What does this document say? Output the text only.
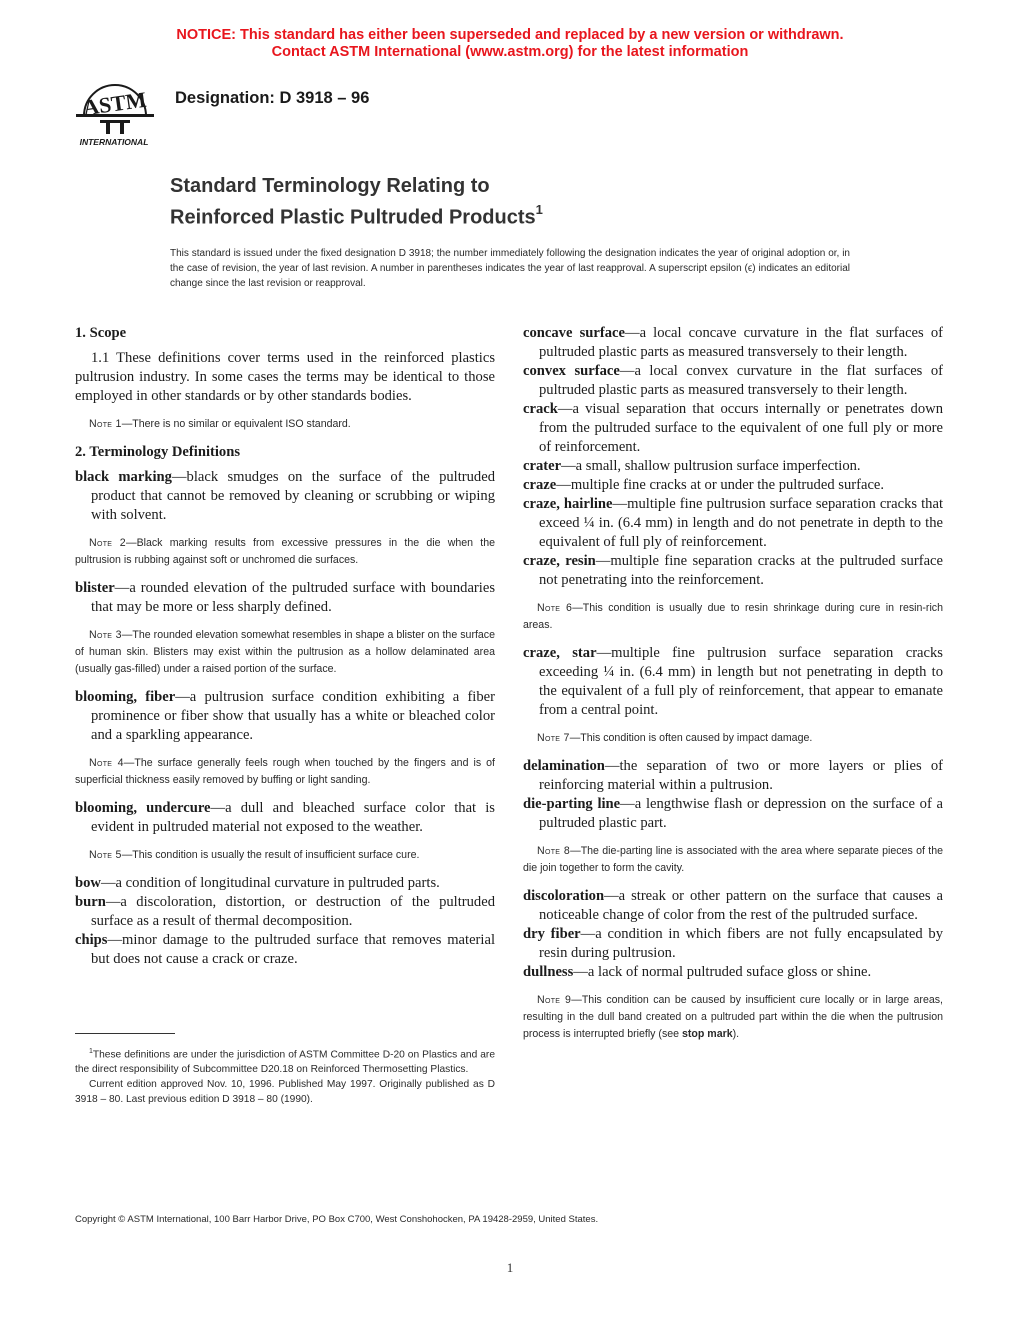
NOTICE: This standard has either been superseded and replaced by a new version or withdrawn.
Contact ASTM International (www.astm.org) for the latest information
ASTM
INTERNATIONAL
Designation: D 3918 – 96
Standard Terminology Relating to
Reinforced Plastic Pultruded Products$^1$
This standard is issued under the fixed designation D 3918; the number immediately following the designation indicates the year of original adoption or, in the case of revision, the year of last revision. A number in parentheses indicates the year of last reapproval. A superscript epsilon (ϵ) indicates an editorial change since the last revision or reapproval.
1. Scope

1.1 These definitions cover terms used in the reinforced plastics pultrusion industry. In some cases the terms may be identical to those employed in other standards or by other standards bodies.

Note 1—There is no similar or equivalent ISO standard.

2. Terminology Definitions

black marking—black smudges on the surface of the pultruded product that cannot be removed by cleaning or scrubbing or wiping with solvent.

Note 2—Black marking results from excessive pressures in the die when the pultrusion is rubbing against soft or unchromed die surfaces.

blister—a rounded elevation of the pultruded surface with boundaries that may be more or less sharply defined.

Note 3—The rounded elevation somewhat resembles in shape a blister on the surface of human skin. Blisters may exist within the pultrusion as a hollow delaminated area (usually gas-filled) under a raised portion of the surface.

blooming, fiber—a pultrusion surface condition exhibiting a fiber prominence or fiber show that usually has a white or bleached color and a sparkling appearance.

Note 4—The surface generally feels rough when touched by the fingers and is of superficial thickness easily removed by buffing or light sanding.

blooming, undercure—a dull and bleached surface color that is evident in pultruded material not exposed to the weather.

Note 5—This condition is usually the result of insufficient surface cure.

bow—a condition of longitudinal curvature in pultruded parts.

burn—a discoloration, distortion, or destruction of the pultruded surface as a result of thermal decomposition.

chips—minor damage to the pultruded surface that removes material but does not cause a crack or craze.

concave surface—a local concave curvature in the flat surfaces of pultruded plastic parts as measured transversely to their length.

convex surface—a local convex curvature in the flat surfaces of pultruded plastic parts as measured transversely to their length.

crack—a visual separation that occurs internally or penetrates down from the pultruded surface to the equivalent of one full ply or more of reinforcement.

crater—a small, shallow pultrusion surface imperfection.

craze—multiple fine cracks at or under the pultruded surface.

craze, hairline—multiple fine pultrusion surface separation cracks that exceed ¼ in. (6.4 mm) in length and do not penetrate in depth to the equivalent of full ply of reinforcement.

craze, resin—multiple fine separation cracks at the pultruded surface not penetrating into the reinforcement.

Note 6—This condition is usually due to resin shrinkage during cure in resin-rich areas.

craze, star—multiple fine pultrusion surface separation cracks exceeding ¼ in. (6.4 mm) in length but not penetrating in depth to the equivalent of a full ply of reinforcement, that appear to emanate from a central point.

Note 7—This condition is often caused by impact damage.

delamination—the separation of two or more layers or plies of reinforcing material within a pultrusion.

die-parting line—a lengthwise flash or depression on the surface of a pultruded plastic part.

Note 8—The die-parting line is associated with the area where separate pieces of the die join together to form the cavity.

discoloration—a streak or other pattern on the surface that causes a noticeable change of color from the rest of the pultruded surface.

dry fiber—a condition in which fibers are not fully encapsulated by resin during pultrusion.

dullness—a lack of normal pultruded suface gloss or shine.

Note 9—This condition can be caused by insufficient cure locally or in large areas, resulting in the dull band created on a pultruded part within the die when the pultrusion process is interrupted briefly (see stop mark).

$^1$These definitions are under the jurisdiction of ASTM Committee D-20 on Plastics and are the direct responsibility of Subcommittee D20.18 on Reinforced Thermosetting Plastics.

Current edition approved Nov. 10, 1996. Published May 1997. Originally published as D 3918 – 80. Last previous edition D 3918 – 80 (1990).

Copyright © ASTM International, 100 Barr Harbor Drive, PO Box C700, West Conshohocken, PA 19428-2959, United States.
1
